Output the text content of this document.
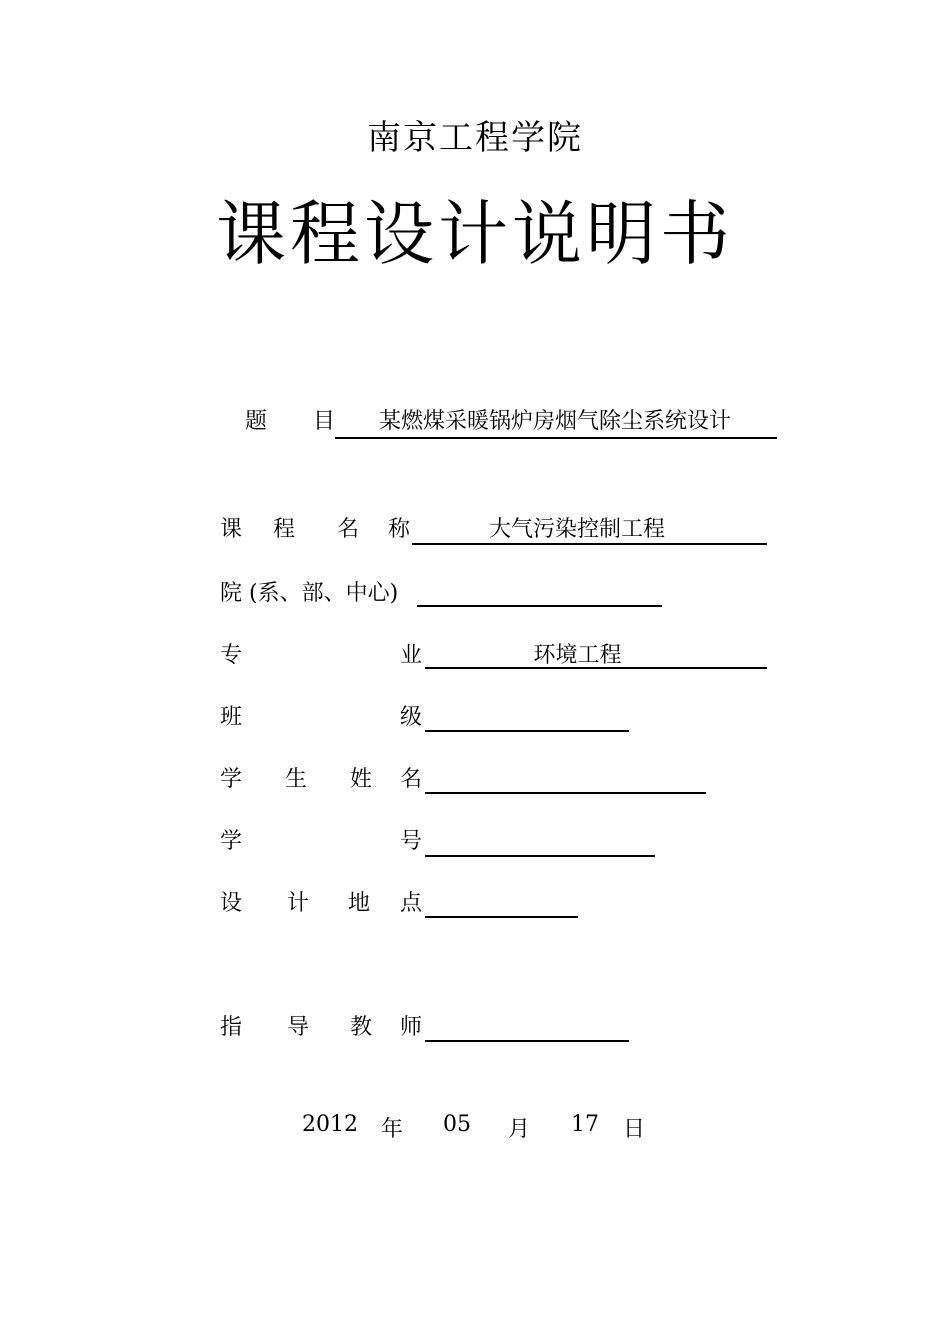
南京工程学院
课程设计说明书
题 目	某燃煤采暖锅炉房烟气除尘系统设计
课 程 名 称	大气污染控制工程
院 (系、部、中心)
专	业	环境工程
班	级
学 生 姓 名
学	号
设 计 地 点
指 导 教 师
2012 年 05 月 17 日
